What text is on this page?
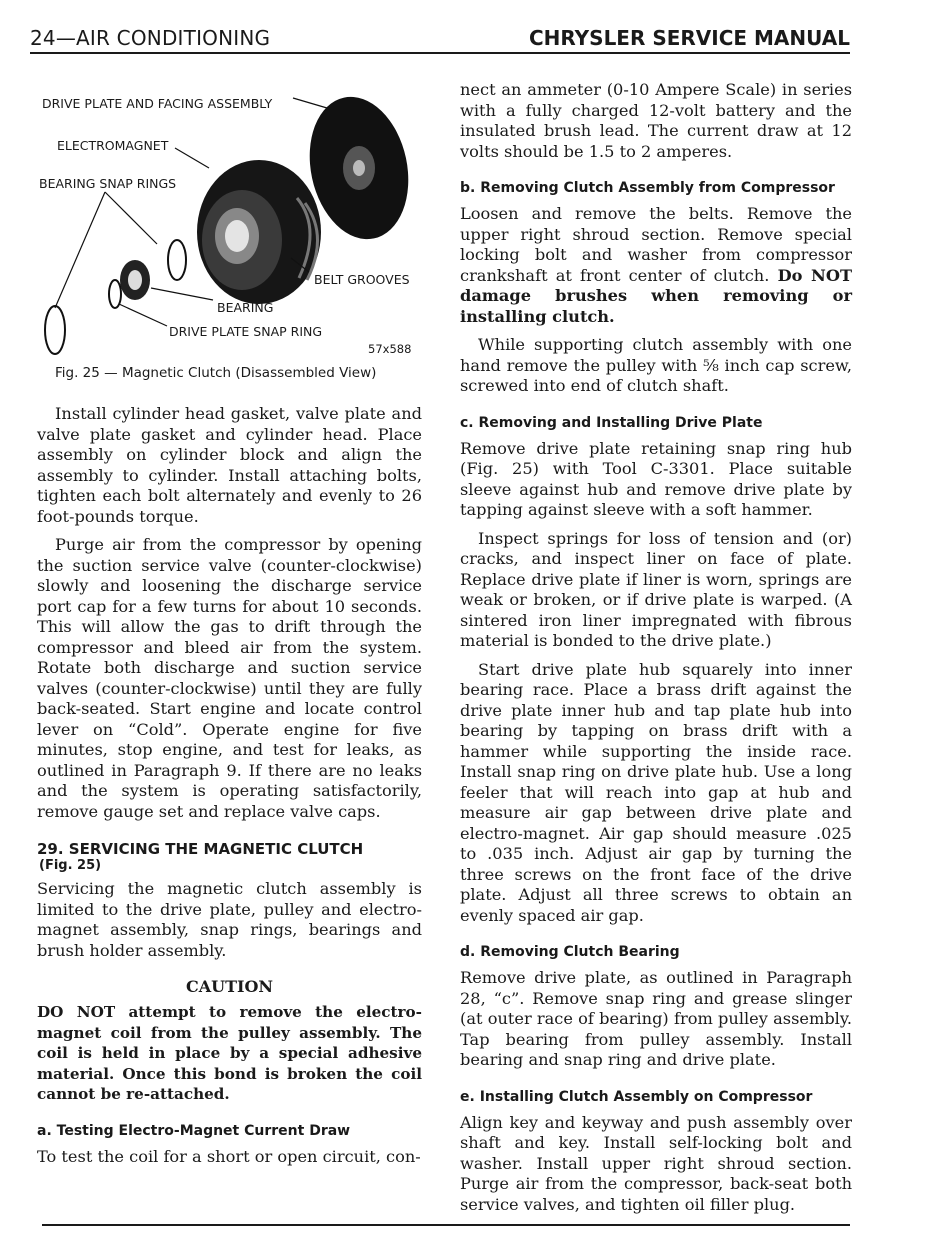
24—AIR CONDITIONING	CHRYSLER SERVICE MANUAL
DRIVE PLATE AND FACING ASSEMBLY
ELECTROMAGNET
BEARING SNAP RINGS
BELT GROOVES
BEARING
DRIVE PLATE SNAP RING
57x588
Fig. 25 — Magnetic Clutch (Disassembled View)

Install cylinder head gasket, valve plate and valve plate gasket and cylinder head. Place assembly on cylinder block and align the assembly to cylinder. Install attaching bolts, tighten each bolt alternately and evenly to 26 foot-pounds torque.

Purge air from the compressor by opening the suction service valve (counter-clockwise) slowly and loosening the discharge service port cap for a few turns for about 10 seconds. This will allow the gas to drift through the compressor and bleed air from the system. Rotate both discharge and suction service valves (counter-clockwise) until they are fully back-seated. Start engine and locate control lever on “Cold”. Operate engine for five minutes, stop engine, and test for leaks, as outlined in Paragraph 9. If there are no leaks and the system is operating satisfactorily, remove gauge set and replace valve caps.

29. SERVICING THE MAGNETIC CLUTCH

(Fig. 25)

Servicing the magnetic clutch assembly is limited to the drive plate, pulley and electro-magnet assembly, snap rings, bearings and brush holder assembly.

CAUTION

DO NOT attempt to remove the electro-magnet coil from the pulley assembly. The coil is held in place by a special adhesive material. Once this bond is broken the coil cannot be re-attached.

a. Testing Electro-Magnet Current Draw

To test the coil for a short or open circuit, con-

nect an ammeter (0-10 Ampere Scale) in series with a fully charged 12-volt battery and the insulated brush lead. The current draw at 12 volts should be 1.5 to 2 amperes.

b. Removing Clutch Assembly from Compressor

Loosen and remove the belts. Remove the upper right shroud section. Remove special locking bolt and washer from compressor crankshaft at front center of clutch. Do NOT damage brushes when removing or installing clutch.

While supporting clutch assembly with one hand remove the pulley with ⅝ inch cap screw, screwed into end of clutch shaft.

c. Removing and Installing Drive Plate

Remove drive plate retaining snap ring hub (Fig. 25) with Tool C-3301. Place suitable sleeve against hub and remove drive plate by tapping against sleeve with a soft hammer.

Inspect springs for loss of tension and (or) cracks, and inspect liner on face of plate. Replace drive plate if liner is worn, springs are weak or broken, or if drive plate is warped. (A sintered iron liner impregnated with fibrous material is bonded to the drive plate.)

Start drive plate hub squarely into inner bearing race. Place a brass drift against the drive plate inner hub and tap plate hub into bearing by tapping on brass drift with a hammer while supporting the inside race. Install snap ring on drive plate hub. Use a long feeler that will reach into gap at hub and measure air gap between drive plate and electro-magnet. Air gap should measure .025 to .035 inch. Adjust air gap by turning the three screws on the front face of the drive plate. Adjust all three screws to obtain an evenly spaced air gap.

d. Removing Clutch Bearing

Remove drive plate, as outlined in Paragraph 28, “c”. Remove snap ring and grease slinger (at outer race of bearing) from pulley assembly. Tap bearing from pulley assembly. Install bearing and snap ring and drive plate.

e. Installing Clutch Assembly on Compressor

Align key and keyway and push assembly over shaft and key. Install self-locking bolt and washer. Install upper right shroud section. Purge air from the compressor, back-seat both service valves, and tighten oil filler plug.
